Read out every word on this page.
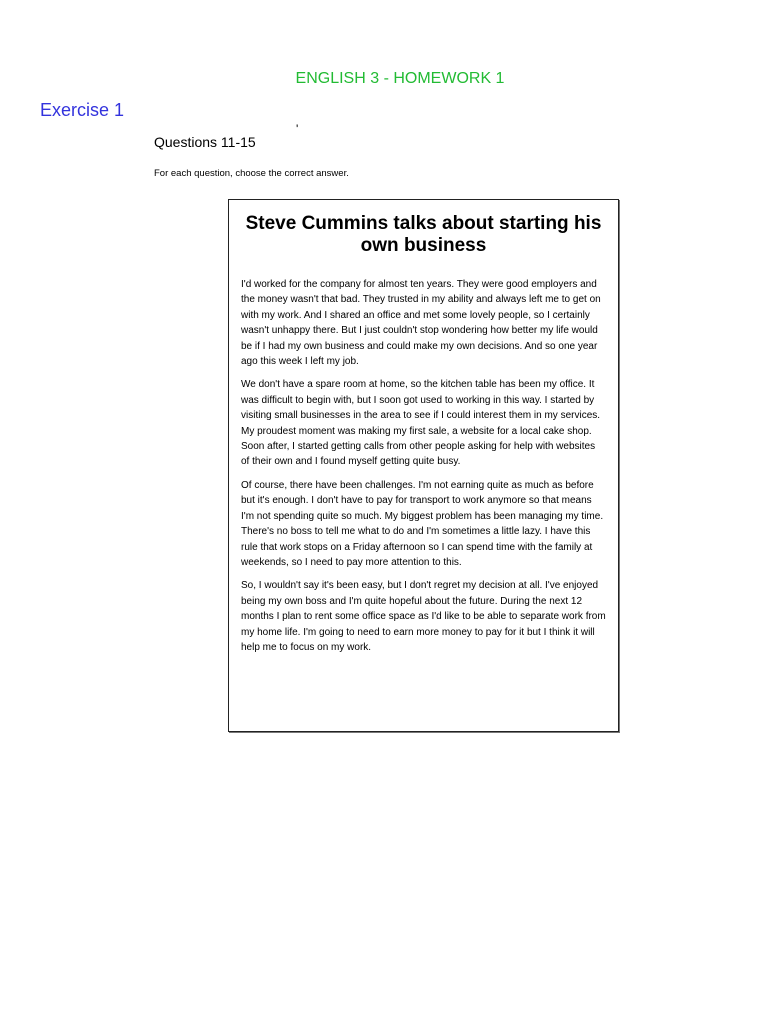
ENGLISH 3 - HOMEWORK 1
Exercise 1
'
Questions 11-15

For each question, choose the correct answer.

Steve Cummins talks about starting his own business

I'd worked for the company for almost ten years. They were good employers and the money wasn't that bad. They trusted in my ability and always left me to get on with my work. And I shared an office and met some lovely people, so I certainly wasn't unhappy there. But I just couldn't stop wondering how better my life would be if I had my own business and could make my own decisions. And so one year ago this week I left my job.

We don't have a spare room at home, so the kitchen table has been my office. It was difficult to begin with, but I soon got used to working in this way. I started by visiting small businesses in the area to see if I could interest them in my services. My proudest moment was making my first sale, a website for a local cake shop. Soon after, I started getting calls from other people asking for help with websites of their own and I found myself getting quite busy.

Of course, there have been challenges. I'm not earning quite as much as before but it's enough. I don't have to pay for transport to work anymore so that means I'm not spending quite so much. My biggest problem has been managing my time. There's no boss to tell me what to do and I'm sometimes a little lazy. I have this rule that work stops on a Friday afternoon so I can spend time with the family at weekends, so I need to pay more attention to this.

So, I wouldn't say it's been easy, but I don't regret my decision at all. I've enjoyed being my own boss and I'm quite hopeful about the future. During the next 12 months I plan to rent some office space as I'd like to be able to separate work from my home life. I'm going to need to earn more money to pay for it but I think it will help me to focus on my work.
